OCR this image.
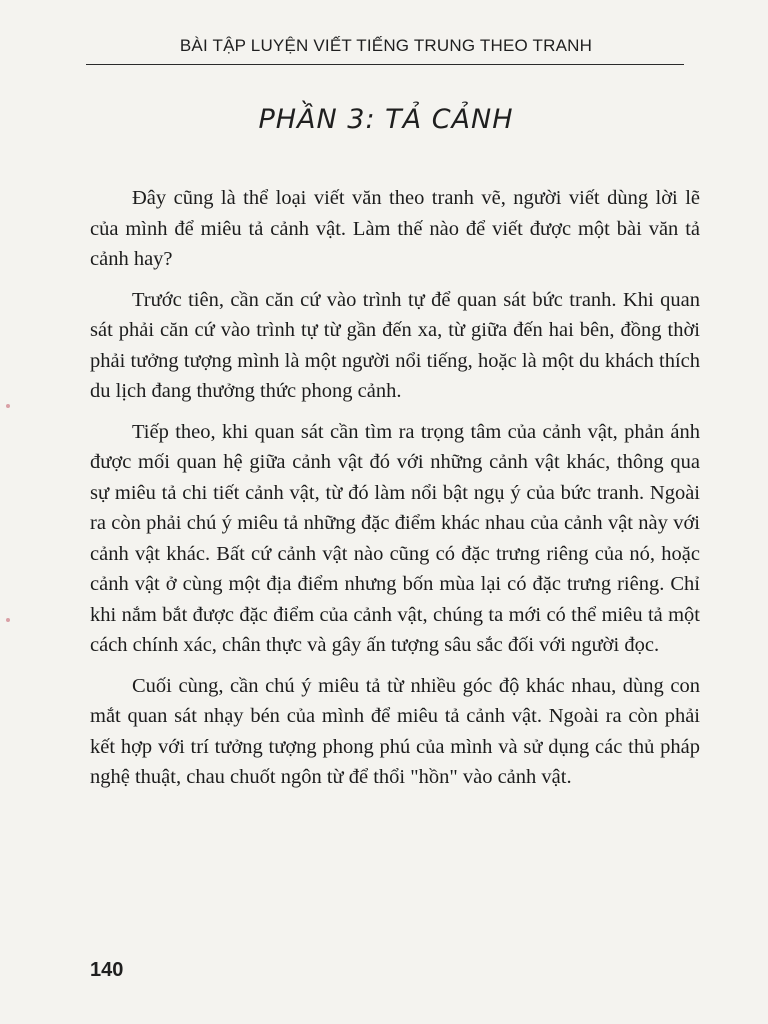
BÀI TẬP LUYỆN VIẾT TIẾNG TRUNG THEO TRANH
PHẦN 3: TẢ CẢNH

Đây cũng là thể loại viết văn theo tranh vẽ, người viết dùng lời lẽ của mình để miêu tả cảnh vật. Làm thế nào để viết được một bài văn tả cảnh hay?

Trước tiên, cần căn cứ vào trình tự để quan sát bức tranh. Khi quan sát phải căn cứ vào trình tự từ gần đến xa, từ giữa đến hai bên, đồng thời phải tưởng tượng mình là một người nổi tiếng, hoặc là một du khách thích du lịch đang thưởng thức phong cảnh.

Tiếp theo, khi quan sát cần tìm ra trọng tâm của cảnh vật, phản ánh được mối quan hệ giữa cảnh vật đó với những cảnh vật khác, thông qua sự miêu tả chi tiết cảnh vật, từ đó làm nổi bật ngụ ý của bức tranh. Ngoài ra còn phải chú ý miêu tả những đặc điểm khác nhau của cảnh vật này với cảnh vật khác. Bất cứ cảnh vật nào cũng có đặc trưng riêng của nó, hoặc cảnh vật ở cùng một địa điểm nhưng bốn mùa lại có đặc trưng riêng. Chỉ khi nắm bắt được đặc điểm của cảnh vật, chúng ta mới có thể miêu tả một cách chính xác, chân thực và gây ấn tượng sâu sắc đối với người đọc.

Cuối cùng, cần chú ý miêu tả từ nhiều góc độ khác nhau, dùng con mắt quan sát nhạy bén của mình để miêu tả cảnh vật. Ngoài ra còn phải kết hợp với trí tưởng tượng phong phú của mình và sử dụng các thủ pháp nghệ thuật, chau chuốt ngôn từ để thổi "hồn" vào cảnh vật.

140
